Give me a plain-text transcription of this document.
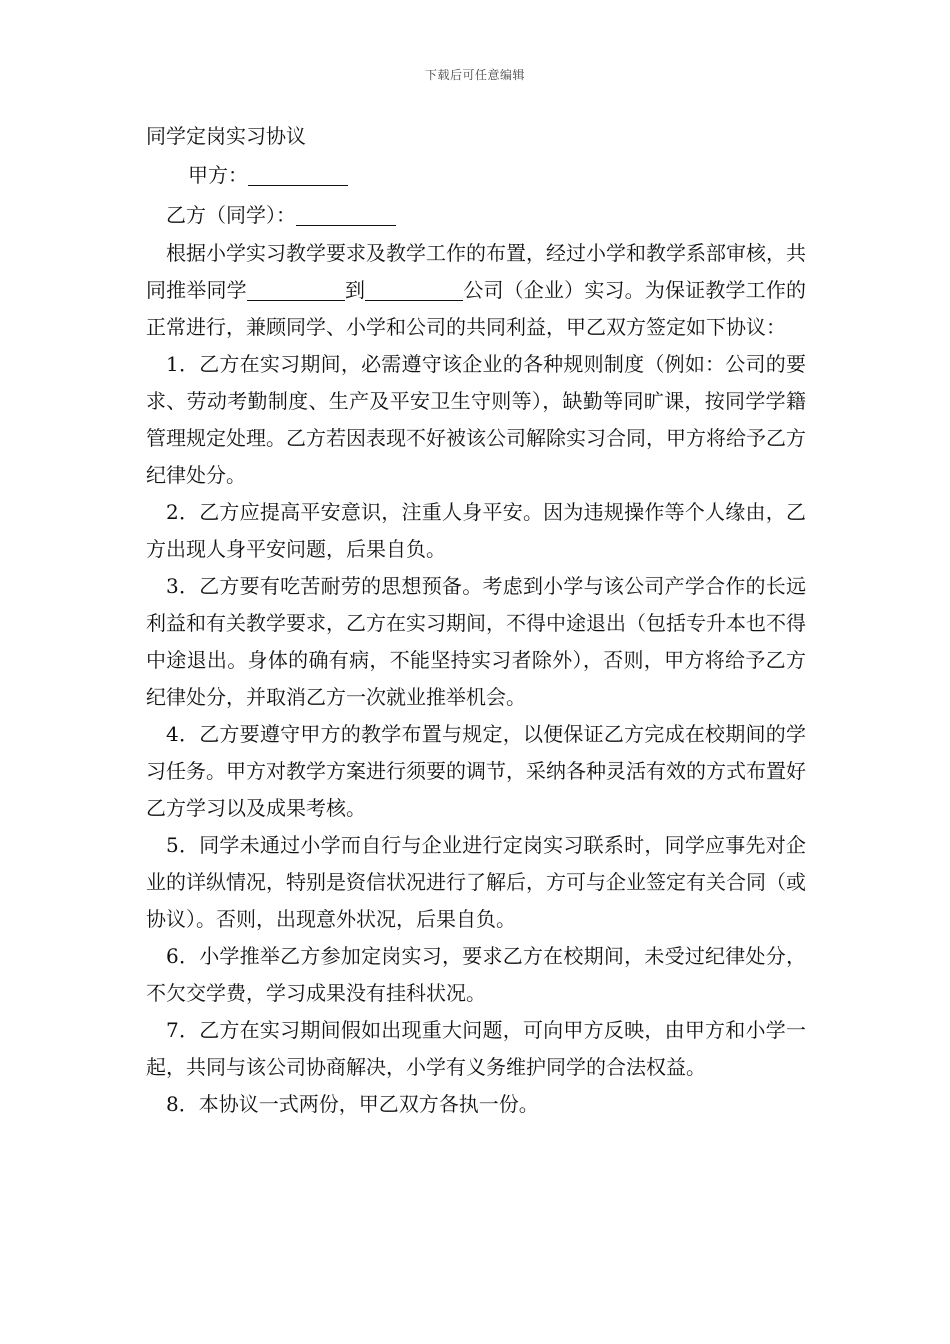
下载后可任意编辑
同学定岗实习协议

甲方：

乙方（同学）：

根据小学实习教学要求及教学工作的布置，经过小学和教学系部审核，共同推举同学	到	公司（企业）实习。为保证教学工作的正常进行，兼顾同学、小学和公司的共同利益，甲乙双方签定如下协议：

1．乙方在实习期间，必需遵守该企业的各种规则制度（例如：公司的要求、劳动考勤制度、生产及平安卫生守则等），缺勤等同旷课，按同学学籍管理规定处理。乙方若因表现不好被该公司解除实习合同，甲方将给予乙方纪律处分。

2．乙方应提高平安意识，注重人身平安。因为违规操作等个人缘由，乙方出现人身平安问题，后果自负。

3．乙方要有吃苦耐劳的思想预备。考虑到小学与该公司产学合作的长远利益和有关教学要求，乙方在实习期间，不得中途退出（包括专升本也不得中途退出。身体的确有病，不能坚持实习者除外），否则，甲方将给予乙方纪律处分，并取消乙方一次就业推举机会。

4．乙方要遵守甲方的教学布置与规定，以便保证乙方完成在校期间的学习任务。甲方对教学方案进行须要的调节，采纳各种灵活有效的方式布置好乙方学习以及成果考核。

5．同学未通过小学而自行与企业进行定岗实习联系时，同学应事先对企业的详纵情况，特别是资信状况进行了解后，方可与企业签定有关合同（或协议）。否则，出现意外状况，后果自负。

6．小学推举乙方参加定岗实习，要求乙方在校期间，未受过纪律处分，不欠交学费，学习成果没有挂科状况。

7．乙方在实习期间假如出现重大问题，可向甲方反映，由甲方和小学一起，共同与该公司协商解决，小学有义务维护同学的合法权益。

8．本协议一式两份，甲乙双方各执一份。
